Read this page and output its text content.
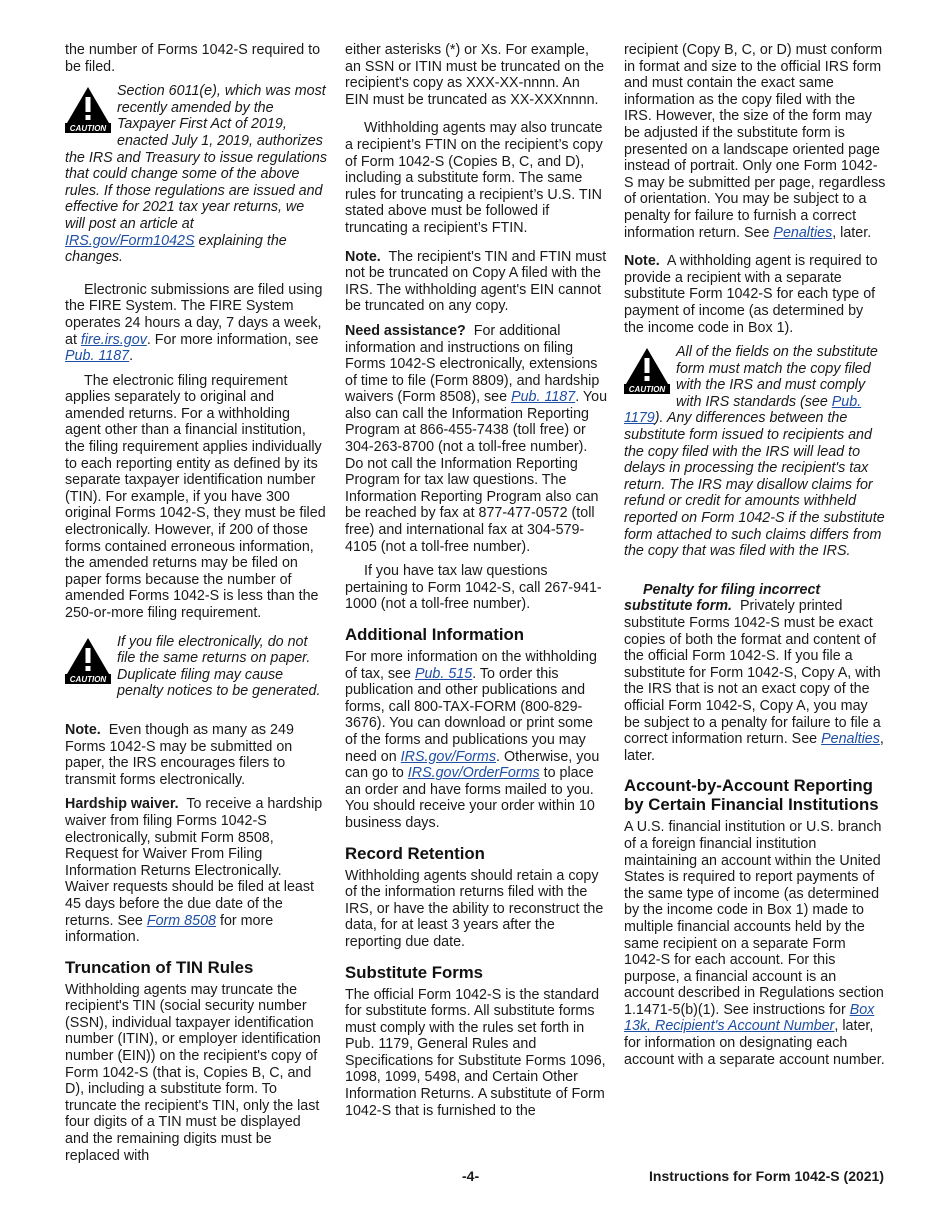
the number of Forms 1042-S required to be filed.

CAUTION
Section 6011(e), which was most recently amended by the Taxpayer First Act of 2019, enacted July 1, 2019, authorizes the IRS and Treasury to issue regulations that could change some of the above rules. If those regulations are issued and effective for 2021 tax year returns, we will post an article at IRS.gov/Form1042S explaining the changes.

Electronic submissions are filed using the FIRE System. The FIRE System operates 24 hours a day, 7 days a week, at fire.irs.gov. For more information, see Pub. 1187.

The electronic filing requirement applies separately to original and amended returns. For a withholding agent other than a financial institution, the filing requirement applies individually to each reporting entity as defined by its separate taxpayer identification number (TIN). For example, if you have 300 original Forms 1042-S, they must be filed electronically. However, if 200 of those forms contained erroneous information, the amended returns may be filed on paper forms because the number of amended Forms 1042-S is less than the 250-or-more filing requirement.

CAUTION
If you file electronically, do not file the same returns on paper. Duplicate filing may cause penalty notices to be generated.

Note. Even though as many as 249 Forms 1042-S may be submitted on paper, the IRS encourages filers to transmit forms electronically.

Hardship waiver. To receive a hardship waiver from filing Forms 1042-S electronically, submit Form 8508, Request for Waiver From Filing Information Returns Electronically. Waiver requests should be filed at least 45 days before the due date of the returns. See Form 8508 for more information.

Truncation of TIN Rules

Withholding agents may truncate the recipient's TIN (social security number (SSN), individual taxpayer identification number (ITIN), or employer identification number (EIN)) on the recipient's copy of Form 1042-S (that is, Copies B, C, and D), including a substitute form. To truncate the recipient's TIN, only the last four digits of a TIN must be displayed and the remaining digits must be replaced with

either asterisks (*) or Xs. For example, an SSN or ITIN must be truncated on the recipient's copy as XXX-XX-nnnn. An EIN must be truncated as XX-XXXnnnn.

Withholding agents may also truncate a recipient’s FTIN on the recipient’s copy of Form 1042-S (Copies B, C, and D), including a substitute form. The same rules for truncating a recipient’s U.S. TIN stated above must be followed if truncating a recipient’s FTIN.

Note. The recipient's TIN and FTIN must not be truncated on Copy A filed with the IRS. The withholding agent's EIN cannot be truncated on any copy.

Need assistance? For additional information and instructions on filing Forms 1042-S electronically, extensions of time to file (Form 8809), and hardship waivers (Form 8508), see Pub. 1187. You also can call the Information Reporting Program at 866-455-7438 (toll free) or 304-263-8700 (not a toll-free number). Do not call the Information Reporting Program for tax law questions. The Information Reporting Program also can be reached by fax at 877-477-0572 (toll free) and international fax at 304-579-4105 (not a toll-free number).

If you have tax law questions pertaining to Form 1042-S, call 267-941-1000 (not a toll-free number).

Additional Information

For more information on the withholding of tax, see Pub. 515. To order this publication and other publications and forms, call 800-TAX-FORM (800-829-3676). You can download or print some of the forms and publications you may need on IRS.gov/Forms. Otherwise, you can go to IRS.gov/OrderForms to place an order and have forms mailed to you. You should receive your order within 10 business days.

Record Retention

Withholding agents should retain a copy of the information returns filed with the IRS, or have the ability to reconstruct the data, for at least 3 years after the reporting due date.

Substitute Forms

The official Form 1042-S is the standard for substitute forms. All substitute forms must comply with the rules set forth in Pub. 1179, General Rules and Specifications for Substitute Forms 1096, 1098, 1099, 5498, and Certain Other Information Returns. A substitute of Form 1042-S that is furnished to the

recipient (Copy B, C, or D) must conform in format and size to the official IRS form and must contain the exact same information as the copy filed with the IRS. However, the size of the form may be adjusted if the substitute form is presented on a landscape oriented page instead of portrait. Only one Form 1042-S may be submitted per page, regardless of orientation. You may be subject to a penalty for failure to furnish a correct information return. See Penalties, later.

Note. A withholding agent is required to provide a recipient with a separate substitute Form 1042-S for each type of payment of income (as determined by the income code in Box 1).

CAUTION
All of the fields on the substitute form must match the copy filed with the IRS and must comply with IRS standards (see Pub. 1179). Any differences between the substitute form issued to recipients and the copy filed with the IRS will lead to delays in processing the recipient's tax return. The IRS may disallow claims for refund or credit for amounts withheld reported on Form 1042-S if the substitute form attached to such claims differs from the copy that was filed with the IRS.

Penalty for filing incorrect substitute form. Privately printed substitute Forms 1042-S must be exact copies of both the format and content of the official Form 1042-S. If you file a substitute for Form 1042-S, Copy A, with the IRS that is not an exact copy of the official Form 1042-S, Copy A, you may be subject to a penalty for failure to file a correct information return. See Penalties, later.

Account-by-Account Reporting by Certain Financial Institutions

A U.S. financial institution or U.S. branch of a foreign financial institution maintaining an account within the United States is required to report payments of the same type of income (as determined by the income code in Box 1) made to multiple financial accounts held by the same recipient on a separate Form 1042-S for each account. For this purpose, a financial account is an account described in Regulations section 1.1471-5(b)(1). See instructions for Box 13k, Recipient's Account Number, later, for information on designating each account with a separate account number.

-4-	Instructions for Form 1042-S (2021)
